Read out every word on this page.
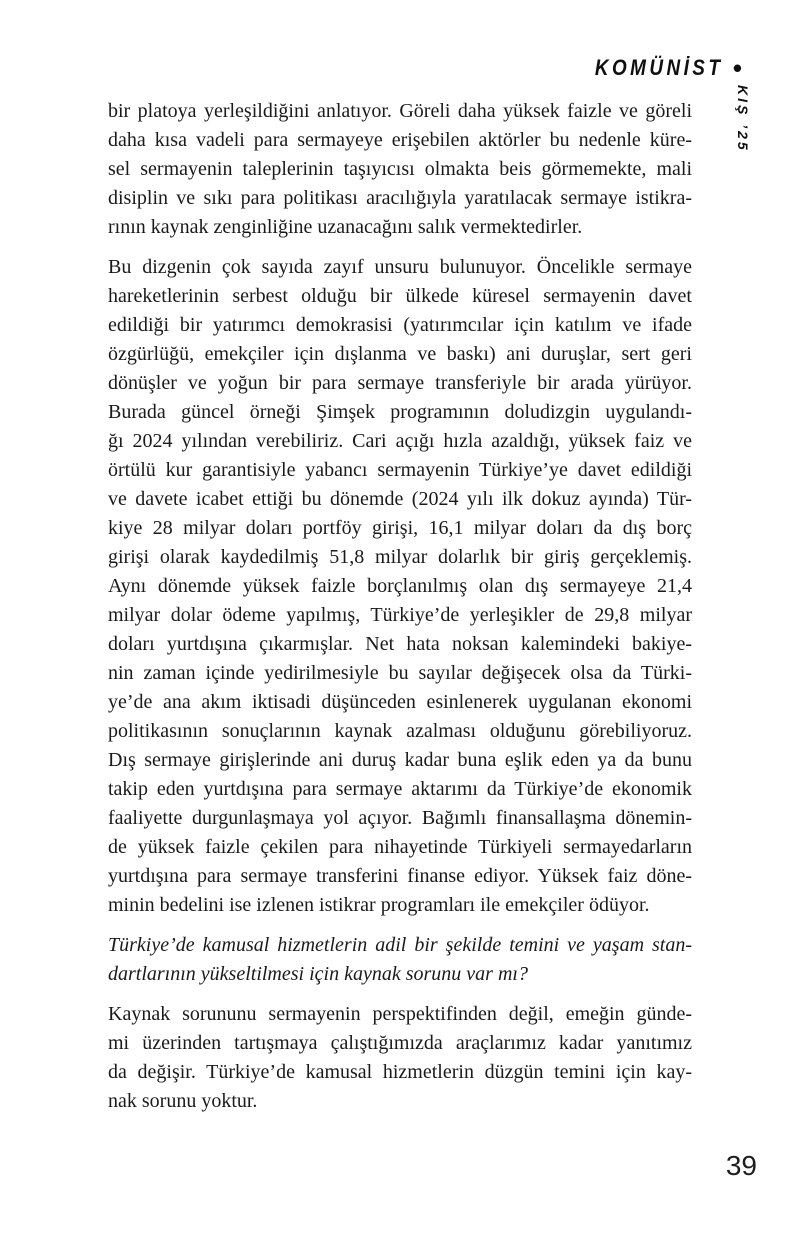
KOMÜNİST •
KIŞ ’25
bir platoya yerleşildiğini anlatıyor. Göreli daha yüksek faizle ve göreli
daha kısa vadeli para sermayeye erişebilen aktörler bu nedenle küre-
sel sermayenin taleplerinin taşıyıcısı olmakta beis görmemekte, mali
disiplin ve sıkı para politikası aracılığıyla yaratılacak sermaye istikra-
rının kaynak zenginliğine uzanacağını salık vermektedirler.
Bu dizgenin çok sayıda zayıf unsuru bulunuyor. Öncelikle sermaye
hareketlerinin serbest olduğu bir ülkede küresel sermayenin davet
edildiği bir yatırımcı demokrasisi (yatırımcılar için katılım ve ifade
özgürlüğü, emekçiler için dışlanma ve baskı) ani duruşlar, sert geri
dönüşler ve yoğun bir para sermaye transferiyle bir arada yürüyor.
Burada güncel örneği Şimşek programının doludizgin uygulandı-
ğı 2024 yılından verebiliriz. Cari açığı hızla azaldığı, yüksek faiz ve
örtülü kur garantisiyle yabancı sermayenin Türkiye’ye davet edildiği
ve davete icabet ettiği bu dönemde (2024 yılı ilk dokuz ayında) Tür-
kiye 28 milyar doları portföy girişi, 16,1 milyar doları da dış borç
girişi olarak kaydedilmiş 51,8 milyar dolarlık bir giriş gerçeklemiş.
Aynı dönemde yüksek faizle borçlanılmış olan dış sermayeye 21,4
milyar dolar ödeme yapılmış, Türkiye’de yerleşikler de 29,8 milyar
doları yurtdışına çıkarmışlar. Net hata noksan kalemindeki bakiye-
nin zaman içinde yedirilmesiyle bu sayılar değişecek olsa da Türki-
ye’de ana akım iktisadi düşünceden esinlenerek uygulanan ekonomi
politikasının sonuçlarının kaynak azalması olduğunu görebiliyoruz.
Dış sermaye girişlerinde ani duruş kadar buna eşlik eden ya da bunu
takip eden yurtdışına para sermaye aktarımı da Türkiye’de ekonomik
faaliyette durgunlaşmaya yol açıyor. Bağımlı finansallaşma dönemin-
de yüksek faizle çekilen para nihayetinde Türkiyeli sermayedarların
yurtdışına para sermaye transferini finanse ediyor. Yüksek faiz döne-
minin bedelini ise izlenen istikrar programları ile emekçiler ödüyor.
Türkiye’de kamusal hizmetlerin adil bir şekilde temini ve yaşam stan-
dartlarının yükseltilmesi için kaynak sorunu var mı?
Kaynak sorununu sermayenin perspektifinden değil, emeğin günde-
mi üzerinden tartışmaya çalıştığımızda araçlarımız kadar yanıtımız
da değişir. Türkiye’de kamusal hizmetlerin düzgün temini için kay-
nak sorunu yoktur.
39
